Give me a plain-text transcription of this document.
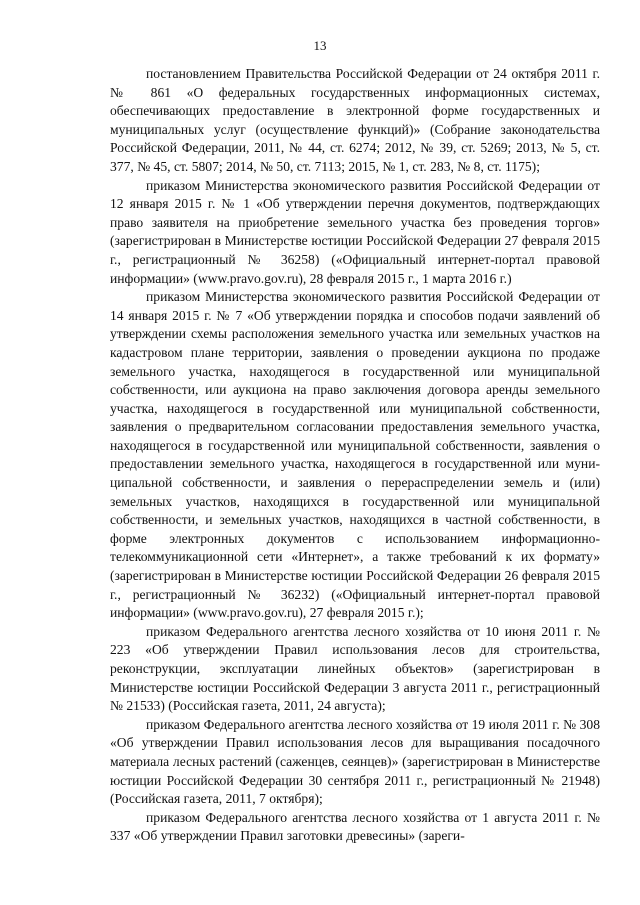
13

постановлением Правительства Российской Федерации от 24 октября 2011 г. № 861 «О федеральных государственных информационных системах, обеспечивающих предоставление в электронной форме государственных и муниципальных услуг (осуществление функций)» (Собрание законодательства Российской Федерации, 2011, № 44, ст. 6274; 2012, № 39, ст. 5269; 2013, № 5, ст. 377, № 45, ст. 5807; 2014, № 50, ст. 7113; 2015, № 1, ст. 283, № 8, ст. 1175);

приказом Министерства экономического развития Российской Федерации от 12 января 2015 г. № 1 «Об утверждении перечня документов, подтверждающих право заявителя на приобретение земельного участка без проведения торгов» (зарегистрирован в Министерстве юстиции Российской Федерации 27 февраля 2015 г., регистрационный № 36258) («Официальный интернет-портал правовой информации» (www.pravo.gov.ru), 28 февраля 2015 г., 1 марта 2016 г.)

приказом Министерства экономического развития Российской Федерации от 14 января 2015 г. № 7 «Об утверждении порядка и способов подачи заявлений об утверждении схемы расположения земельного участка или земельных участков на кадастровом плане территории, заявления о проведении аукциона по продаже земельного участка, находящегося в государственной или муниципальной собственности, или аукциона на право заключения договора аренды земельного участка, находящегося в государственной или муниципальной собственности, заявления о предварительном согласовании предоставления земельного участка, находящегося в государственной или муниципальной собственности, заявления о предоставлении земельного участка, находящегося в государственной или муниципальной собственности, и заявления о перераспределении земель и (или) земельных участков, находящихся в государственной или муниципальной собственности, и земельных участков, находящихся в частной собственности, в форме электронных документов с использованием информационно-телекоммуникационной сети «Интернет», а также требований к их формату» (зарегистрирован в Министерстве юстиции Российской Федерации 26 февраля 2015 г., регистрационный № 36232) («Официальный интернет-портал правовой информации» (www.pravo.gov.ru), 27 февраля 2015 г.);

приказом Федерального агентства лесного хозяйства от 10 июня 2011 г. № 223 «Об утверждении Правил использования лесов для строительства, реконструкции, эксплуатации линейных объектов» (зарегистрирован в Министерстве юстиции Российской Федерации 3 августа 2011 г., регистрационный № 21533) (Российская газета, 2011, 24 августа);

приказом Федерального агентства лесного хозяйства от 19 июля 2011 г. № 308 «Об утверждении Правил использования лесов для выращивания посадочного материала лесных растений (саженцев, сеянцев)» (зарегистрирован в Министерстве юстиции Российской Федерации 30 сентября 2011 г., регистрационный № 21948) (Российская газета, 2011, 7 октября);

приказом Федерального агентства лесного хозяйства от 1 августа 2011 г. № 337 «Об утверждении Правил заготовки древесины» (зареги-
